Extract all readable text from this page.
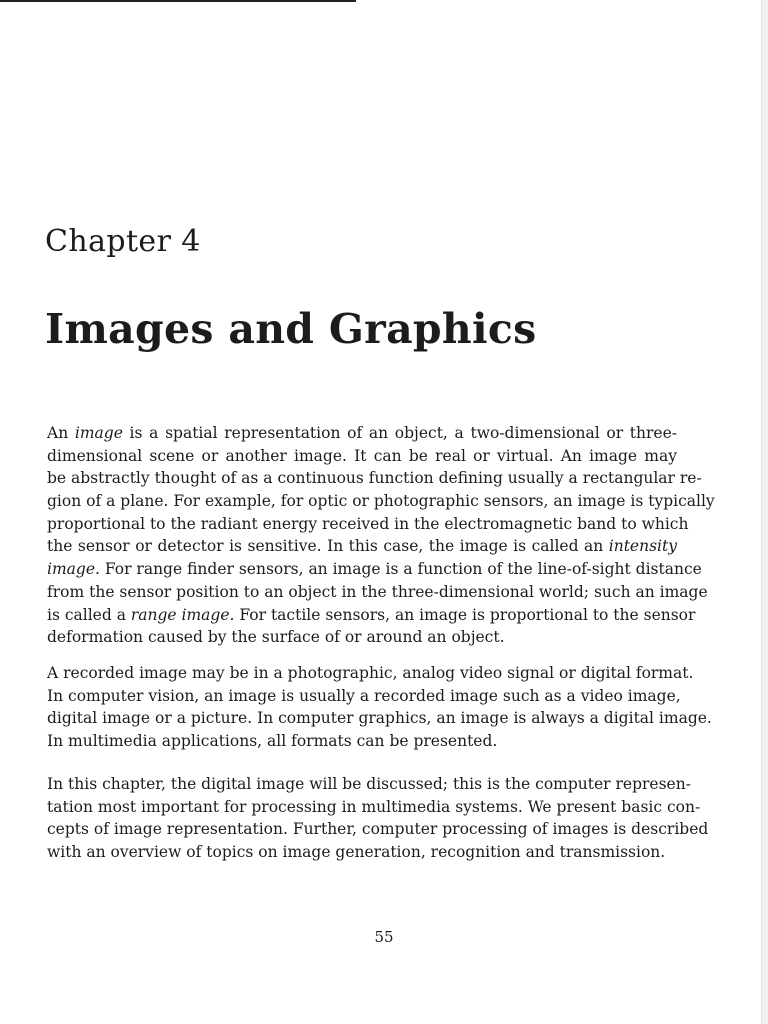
Chapter 4
Images and Graphics
An image is a spatial representation of an object, a two-dimensional or three-
dimensional scene or another image. It can be real or virtual. An image may
be abstractly thought of as a continuous function defining usually a rectangular re-
gion of a plane. For example, for optic or photographic sensors, an image is typically
proportional to the radiant energy received in the electromagnetic band to which
the sensor or detector is sensitive. In this case, the image is called an intensity
image. For range finder sensors, an image is a function of the line-of-sight distance
from the sensor position to an object in the three-dimensional world; such an image
is called a range image. For tactile sensors, an image is proportional to the sensor
deformation caused by the surface of or around an object.
A recorded image may be in a photographic, analog video signal or digital format.
In computer vision, an image is usually a recorded image such as a video image,
digital image or a picture. In computer graphics, an image is always a digital image.
In multimedia applications, all formats can be presented.
In this chapter, the digital image will be discussed; this is the computer represen-
tation most important for processing in multimedia systems. We present basic con-
cepts of image representation. Further, computer processing of images is described
with an overview of topics on image generation, recognition and transmission.
55
